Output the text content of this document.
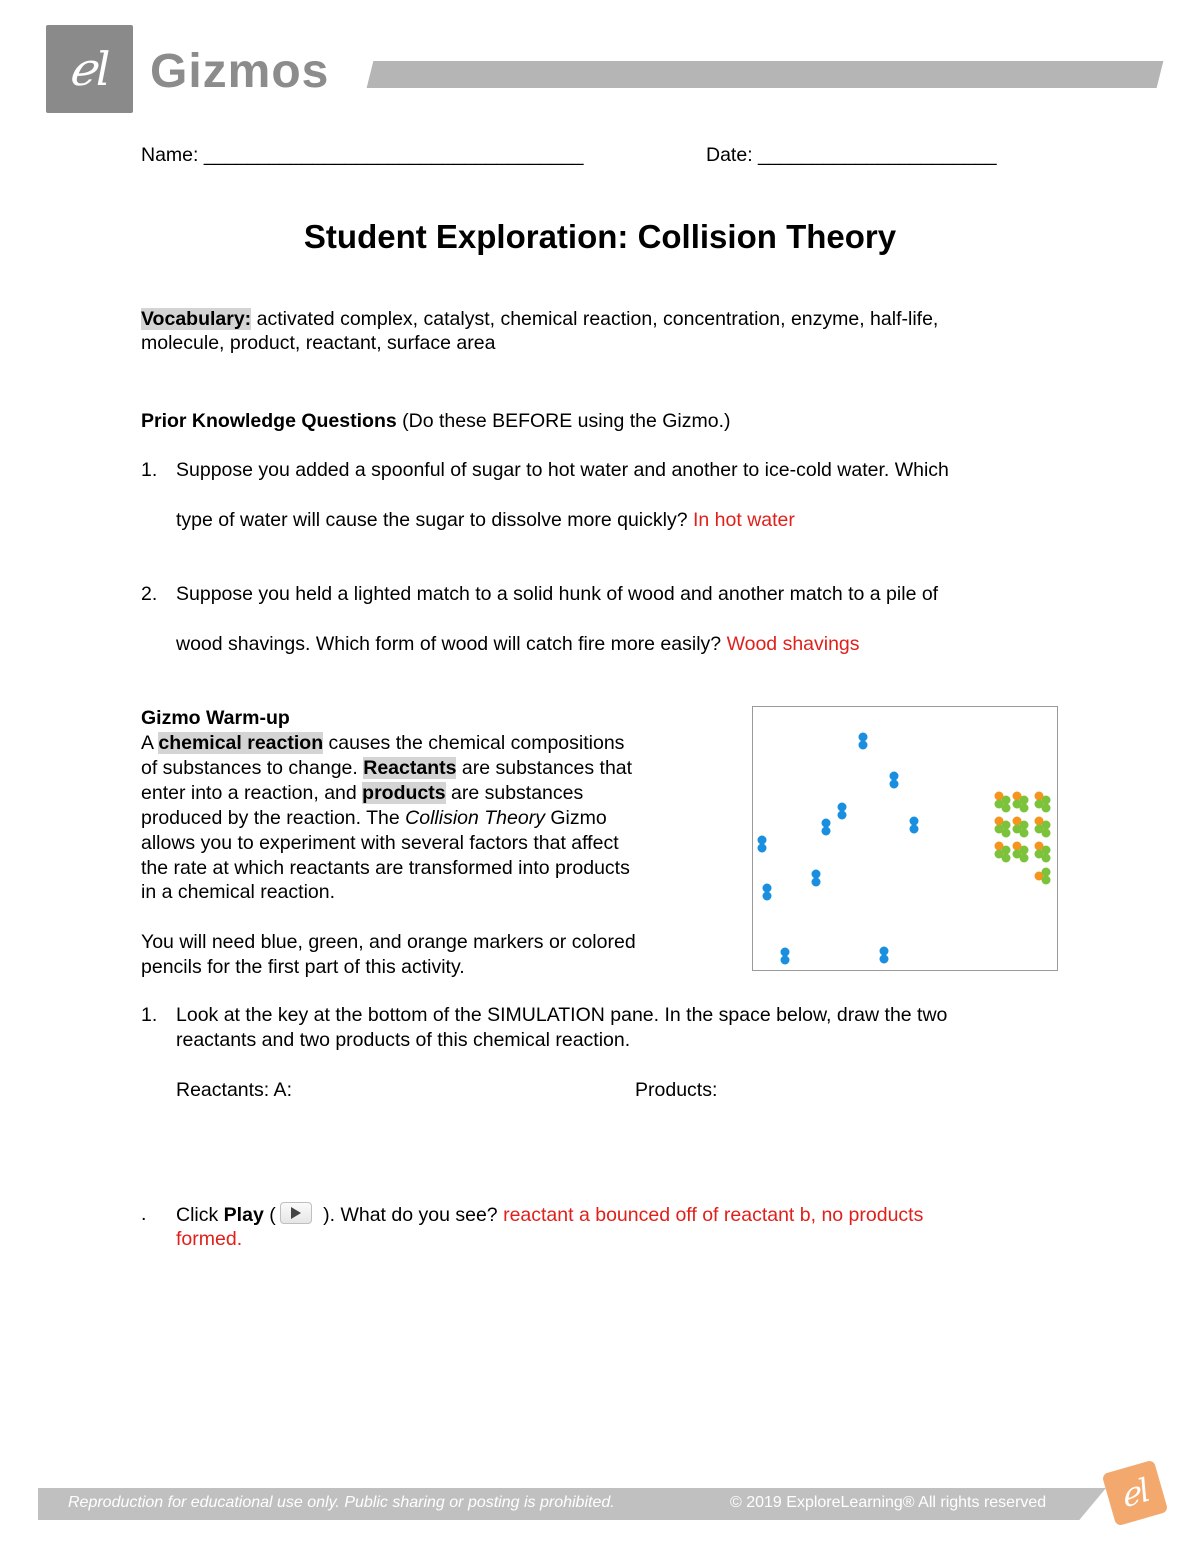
ℯl Gizmos
Name: ___________________________________	Date: ______________________
Student Exploration: Collision Theory
Vocabulary: activated complex, catalyst, chemical reaction, concentration, enzyme, half-life,
molecule, product, reactant, surface area
Prior Knowledge Questions (Do these BEFORE using the Gizmo.)
1. Suppose you added a spoonful of sugar to hot water and another to ice-cold water. Which
type of water will cause the sugar to dissolve more quickly? In hot water
2. Suppose you held a lighted match to a solid hunk of wood and another match to a pile of
wood shavings. Which form of wood will catch fire more easily? Wood shavings
Gizmo Warm-up
A chemical reaction causes the chemical compositions
of substances to change. Reactants are substances that
enter into a reaction, and products are substances
produced by the reaction. The Collision Theory Gizmo
allows you to experiment with several factors that affect
the rate at which reactants are transformed into products
in a chemical reaction.
You will need blue, green, and orange markers or colored
pencils for the first part of this activity.
1. Look at the key at the bottom of the SIMULATION pane. In the space below, draw the two
reactants and two products of this chemical reaction.
Reactants: A:	Products:
. Click Play (
). What do you see? reactant a bounced off of reactant b, no products
formed.
Reproduction for educational use only. Public sharing or posting is prohibited.	© 2019 ExploreLearning® All rights reserved	ℯl
